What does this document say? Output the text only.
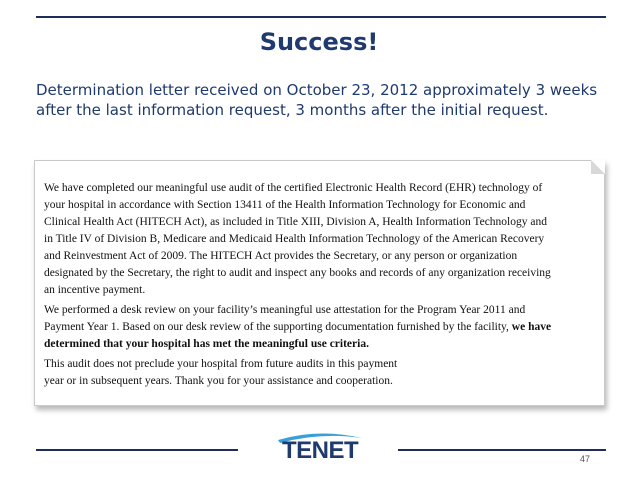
Success!
Determination letter received on October 23, 2012 approximately 3 weeks
after the last information request, 3 months after the initial request.
We have completed our meaningful use audit of the certified Electronic Health Record (EHR) technology of
your hospital in accordance with Section 13411 of the Health Information Technology for Economic and
Clinical Health Act (HITECH Act), as included in Title XIII, Division A, Health Information Technology and
in Title IV of Division B, Medicare and Medicaid Health Information Technology of the American Recovery
and Reinvestment Act of 2009. The HITECH Act provides the Secretary, or any person or organization
designated by the Secretary, the right to audit and inspect any books and records of any organization receiving
an incentive payment.
We performed a desk review on your facility’s meaningful use attestation for the Program Year 2011 and
Payment Year 1. Based on our desk review of the supporting documentation furnished by the facility, we have
determined that your hospital has met the meaningful use criteria.
This audit does not preclude your hospital from future audits in this payment
year or in subsequent years. Thank you for your assistance and cooperation.
TENET	47
